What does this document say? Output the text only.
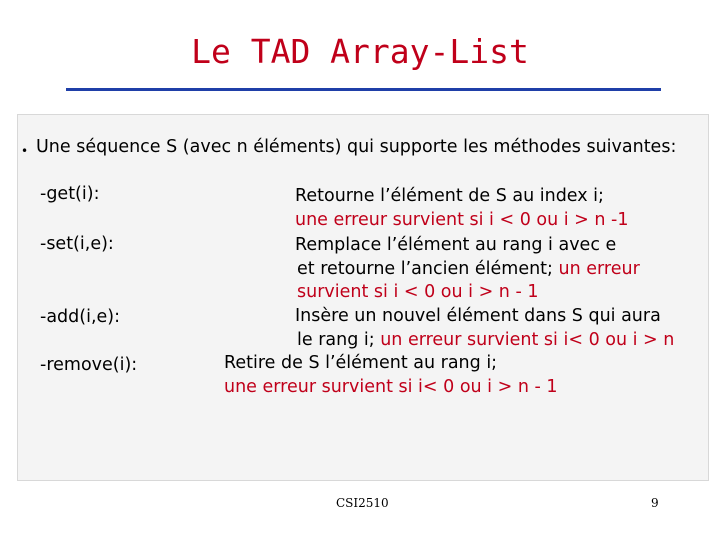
Le TAD Array-List
• Une séquence S (avec n éléments) qui supporte les méthodes suivantes:
-get(i):
-set(i,e):
-add(i,e):
-remove(i):
Retourne l’élément de S au index i;
une erreur survient si i < 0 ou i > n -1
Remplace l’élément au rang i avec e
et retourne l’ancien élément; un erreur
survient si i < 0 ou i > n - 1
Insère un nouvel élément dans S qui aura
le rang i; un erreur survient si i< 0 ou i > n
Retire de S l’élément au rang i;
une erreur survient si i< 0 ou i > n - 1
CSI2510	9
